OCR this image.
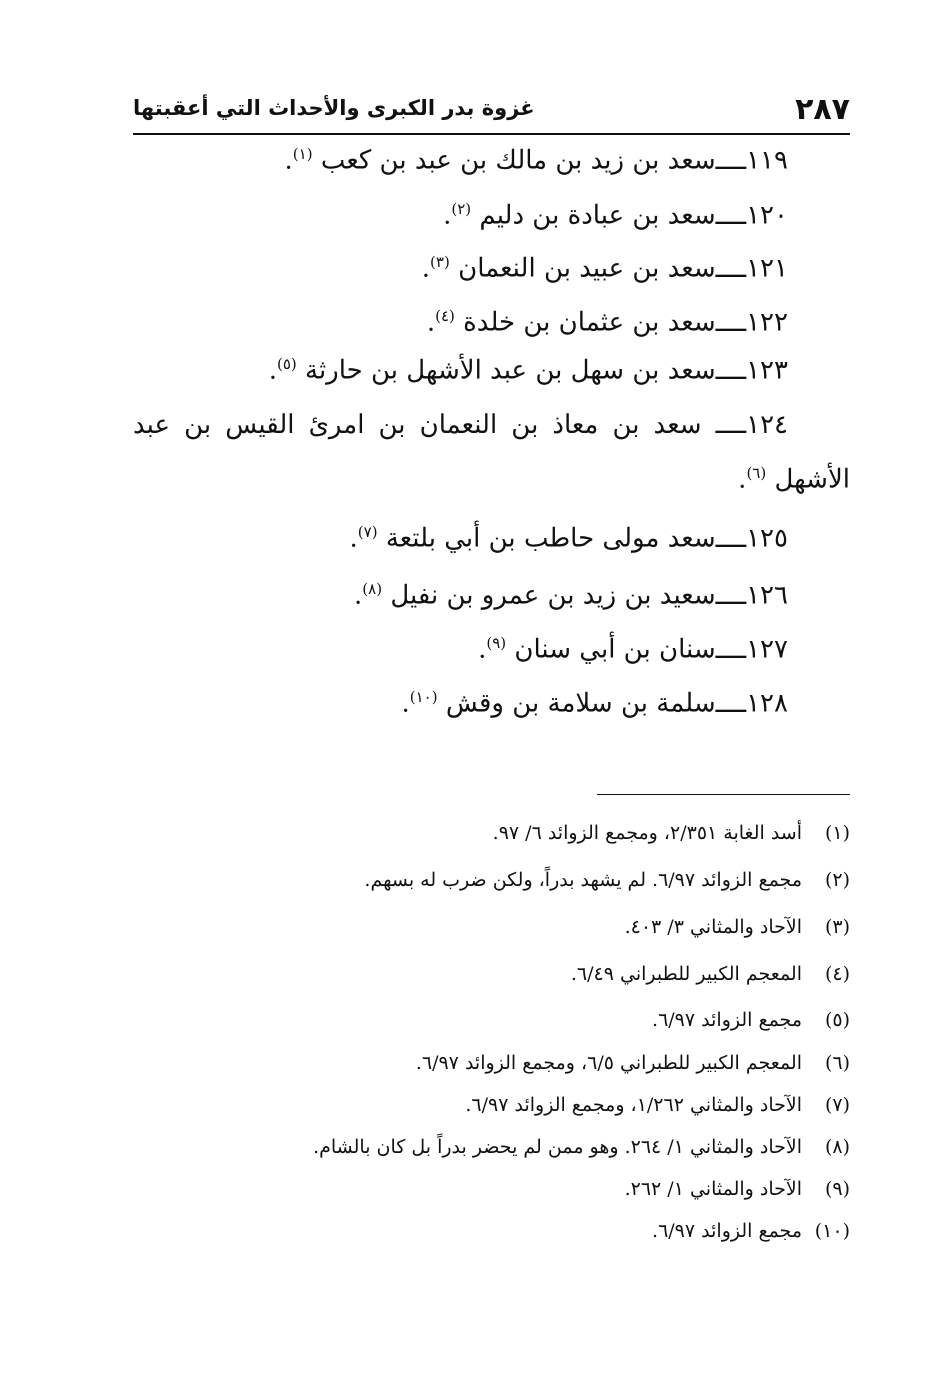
٢٨٧
غزوة بدر الكبرى والأحداث التي أعقبتها
١١٩ــــسعد بن زيد بن مالك بن عبد بن كعب $^{(١)}$.
١٢٠ــــسعد بن عبادة بن دليم $^{(٢)}$.
١٢١ــــسعد بن عبيد بن النعمان $^{(٣)}$.
١٢٢ــــسعد بن عثمان بن خلدة $^{(٤)}$.
١٢٣ــــسعد بن سهل بن عبد الأشهل بن حارثة $^{(٥)}$.
١٢٤ــــ سعد بن معاذ بن النعمان بن امرئ القيس بن عبد
الأشهل $^{(٦)}$.
١٢٥ــــسعد مولى حاطب بن أبي بلتعة $^{(٧)}$.
١٢٦ــــسعيد بن زيد بن عمرو بن نفيل $^{(٨)}$.
١٢٧ــــسنان بن أبي سنان $^{(٩)}$.
١٢٨ــــسلمة بن سلامة بن وقش $^{(١٠)}$.
(١)أسد الغابة ٢/٣٥١، ومجمع الزوائد ٦/ ٩٧.
(٢)مجمع الزوائد ٦/٩٧. لم يشهد بدراً، ولكن ضرب له بسهم.
(٣)الآحاد والمثاني ٣/ ٤٠٣.
(٤)المعجم الكبير للطبراني ٦/٤٩.
(٥)مجمع الزوائد ٦/٩٧.
(٦)المعجم الكبير للطبراني ٦/٥، ومجمع الزوائد ٦/٩٧.
(٧)الآحاد والمثاني ١/٢٦٢، ومجمع الزوائد ٦/٩٧.
(٨)الآحاد والمثاني ١/ ٢٦٤. وهو ممن لم يحضر بدراً بل كان بالشام.
(٩)الآحاد والمثاني ١/ ٢٦٢.
(١٠)مجمع الزوائد ٦/٩٧.
